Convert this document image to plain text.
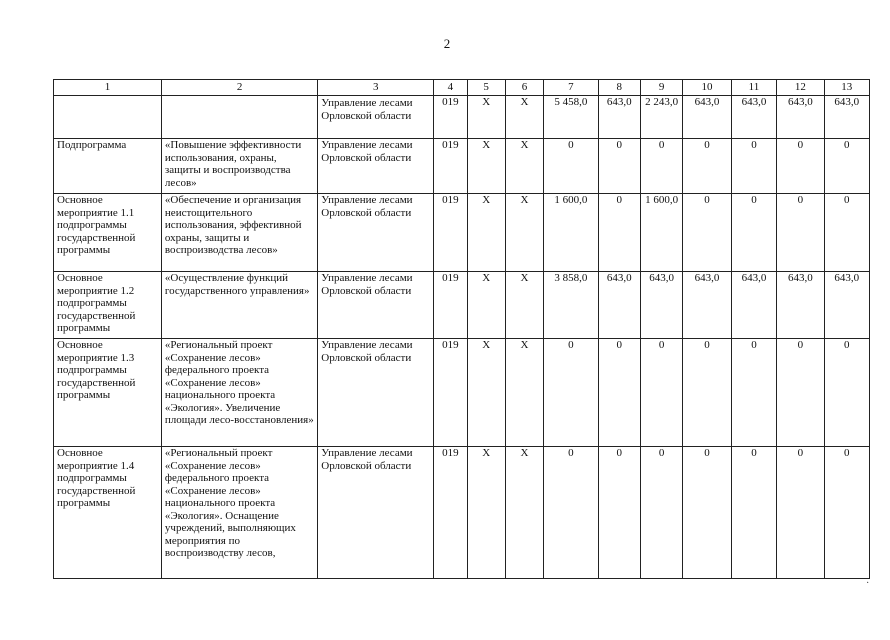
2
1	2	3	4	5	6	7	8	9	10	11	12	13
		Управление лесами Орловской области	019	X	X	5 458,0	643,0	2 243,0	643,0	643,0	643,0	643,0
Подпрограмма	«Повышение эффективности использования, охраны, защиты и воспроизводства лесов»	Управление лесами Орловской области	019	X	X	0	0	0	0	0	0	0
Основное мероприятие 1.1 подпрограммы государственной программы	«Обеспечение и организация неистощительного использования, эффективной охраны, защиты и воспроизводства лесов»	Управление лесами Орловской области	019	X	X	1 600,0	0	1 600,0	0	0	0	0
Основное мероприятие 1.2 подпрограммы государственной программы	«Осуществление функций государственного управления»	Управление лесами Орловской области	019	X	X	3 858,0	643,0	643,0	643,0	643,0	643,0	643,0
Основное мероприятие 1.3 подпрограммы государственной программы	«Региональный проект «Сохранение лесов» федерального проекта «Сохранение лесов» национального проекта «Экология». Увеличение площади лесо-восстановления»	Управление лесами Орловской области	019	X	X	0	0	0	0	0	0	0
Основное мероприятие 1.4 подпрограммы государственной программы	«Региональный проект «Сохранение лесов» федерального проекта «Сохранение лесов» национального проекта «Экология». Оснащение учреждений, выполняющих мероприятия по воспроизводству лесов,	Управление лесами Орловской области	019	X	X	0	0	0	0	0	0	0
·
